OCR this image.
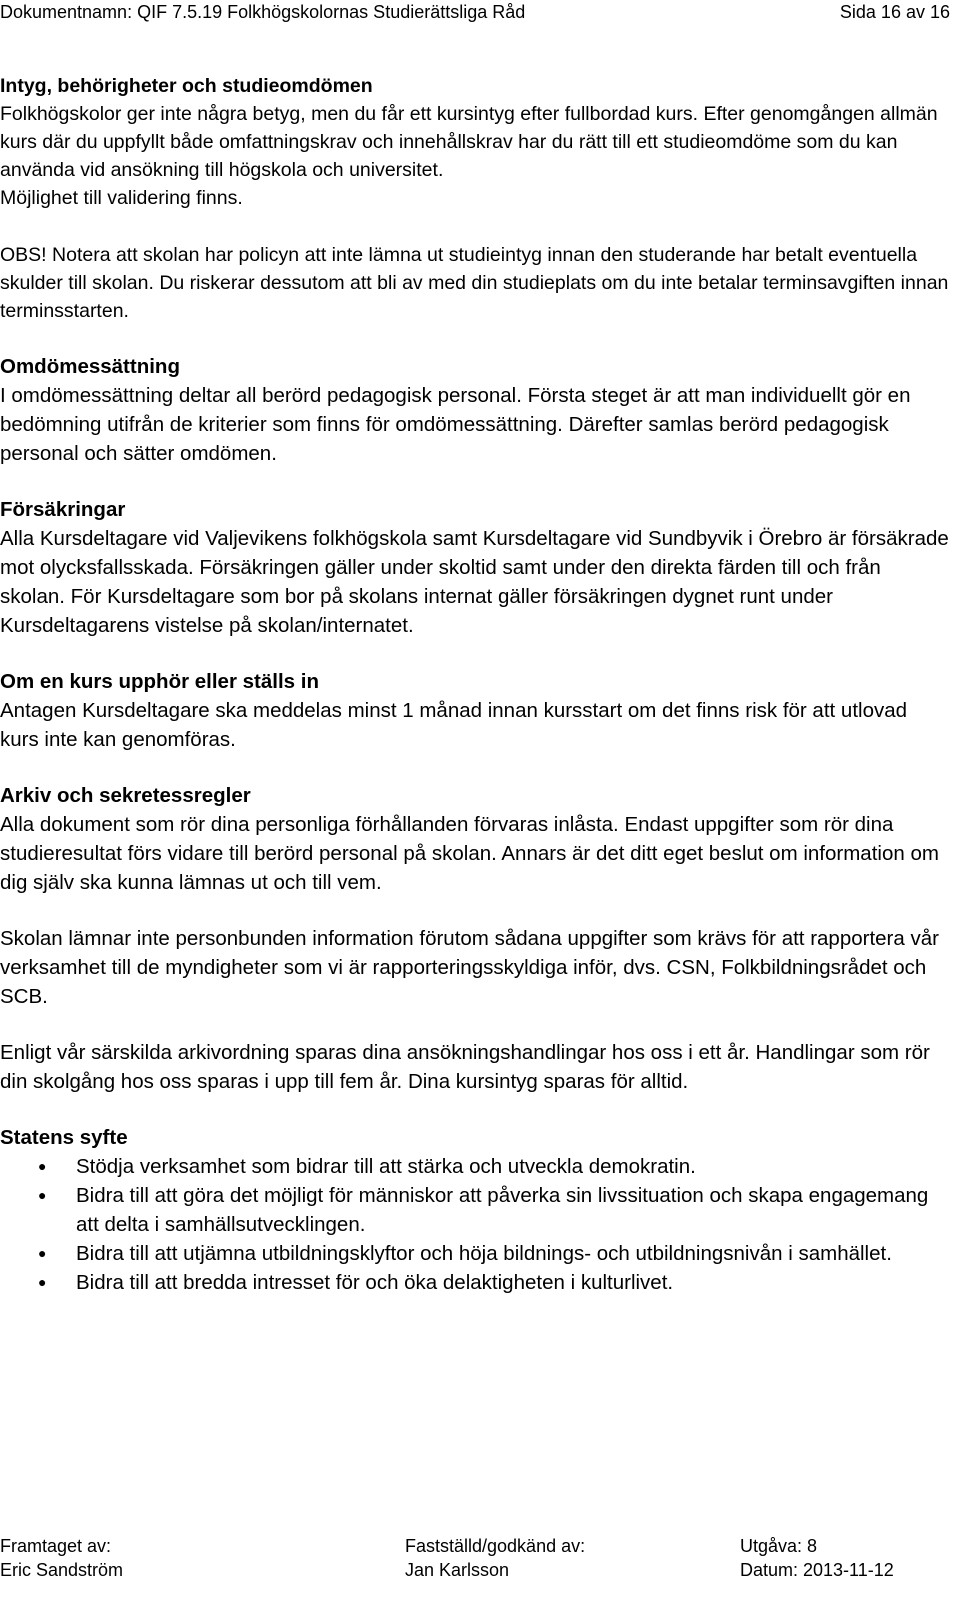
Dokumentnamn: QIF 7.5.19 Folkhögskolornas Studierättsliga Råd	Sida 16 av 16

Intyg, behörigheter och studieomdömen

Folkhögskolor ger inte några betyg, men du får ett kursintyg efter fullbordad kurs. Efter genomgången allmän kurs där du uppfyllt både omfattningskrav och innehållskrav har du rätt till ett studieomdöme som du kan använda vid ansökning till högskola och universitet.

Möjlighet till validering finns.

OBS! Notera att skolan har policyn att inte lämna ut studieintyg innan den studerande har betalt eventuella skulder till skolan. Du riskerar dessutom att bli av med din studieplats om du inte betalar terminsavgiften innan terminsstarten.

Omdömessättning

I omdömessättning deltar all berörd pedagogisk personal. Första steget är att man individuellt gör en bedömning utifrån de kriterier som finns för omdömessättning. Därefter samlas berörd pedagogisk personal och sätter omdömen.

Försäkringar

Alla Kursdeltagare vid Valjevikens folkhögskola samt Kursdeltagare vid Sundbyvik i Örebro är försäkrade mot olycksfallsskada. Försäkringen gäller under skoltid samt under den direkta färden till och från skolan. För Kursdeltagare som bor på skolans internat gäller försäkringen dygnet runt under Kursdeltagarens vistelse på skolan/internatet.

Om en kurs upphör eller ställs in

Antagen Kursdeltagare ska meddelas minst 1 månad innan kursstart om det finns risk för att utlovad kurs inte kan genomföras.

Arkiv och sekretessregler

Alla dokument som rör dina personliga förhållanden förvaras inlåsta. Endast uppgifter som rör dina studieresultat förs vidare till berörd personal på skolan. Annars är det ditt eget beslut om information om dig själv ska kunna lämnas ut och till vem.

Skolan lämnar inte personbunden information förutom sådana uppgifter som krävs för att rapportera vår verksamhet till de myndigheter som vi är rapporteringsskyldiga inför, dvs. CSN, Folkbildningsrådet och SCB.

Enligt vår särskilda arkivordning sparas dina ansökningshandlingar hos oss i ett år. Handlingar som rör din skolgång hos oss sparas i upp till fem år. Dina kursintyg sparas för alltid.

Statens syfte

● Stödja verksamhet som bidrar till att stärka och utveckla demokratin.
● Bidra till att göra det möjligt för människor att påverka sin livssituation och skapa engagemang att delta i samhällsutvecklingen.
● Bidra till att utjämna utbildningsklyftor och höja bildnings- och utbildningsnivån i samhället.
● Bidra till att bredda intresset för och öka delaktigheten i kulturlivet.
Framtaget av:
Eric Sandström
Fastställd/godkänd av:
Jan Karlsson
Utgåva: 8
Datum: 2013-11-12
